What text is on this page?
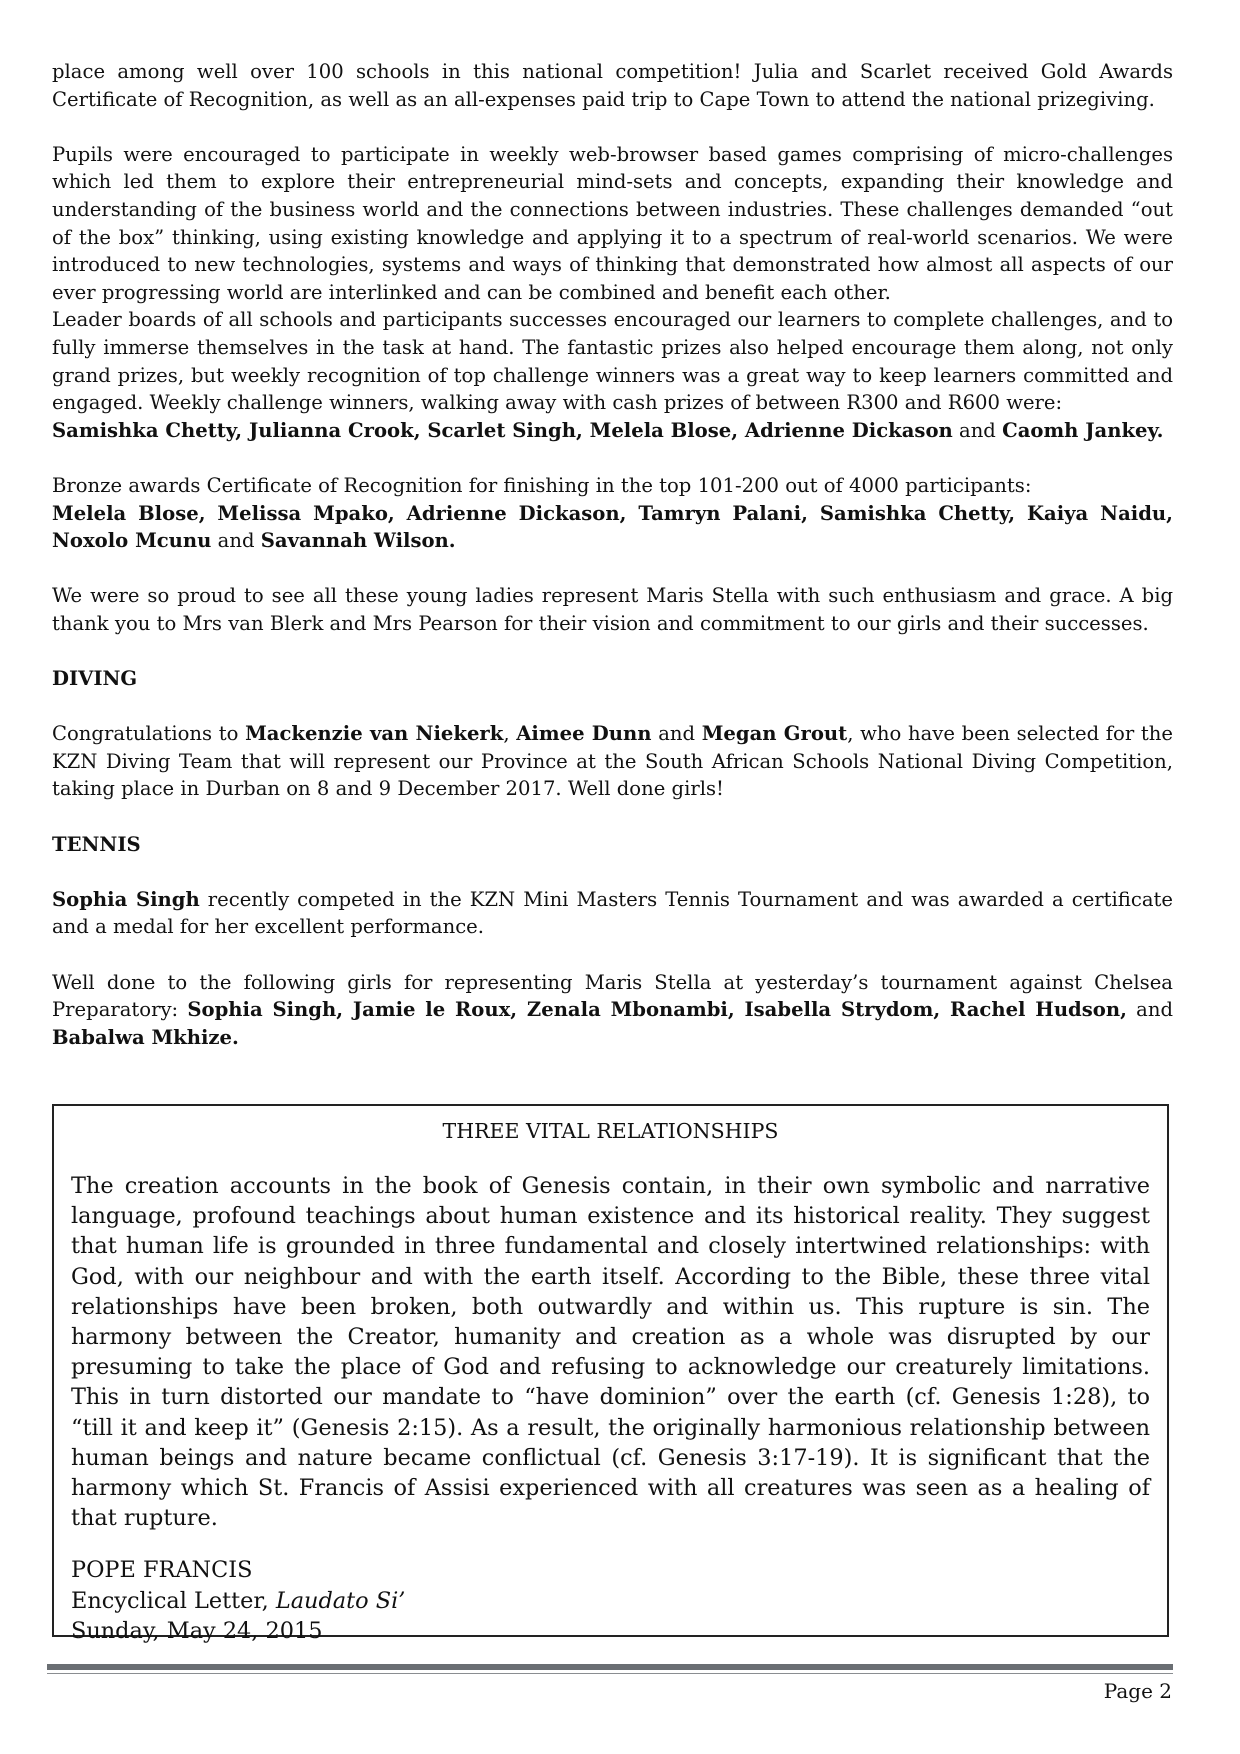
place among well over 100 schools in this national competition! Julia and Scarlet received Gold Awards Certificate of Recognition, as well as an all-expenses paid trip to Cape Town to attend the national prizegiving.

Pupils were encouraged to participate in weekly web-browser based games comprising of micro-challenges which led them to explore their entrepreneurial mind-sets and concepts, expanding their knowledge and understanding of the business world and the connections between industries. These challenges demanded “out of the box” thinking, using existing knowledge and applying it to a spectrum of real-world scenarios. We were introduced to new technologies, systems and ways of thinking that demonstrated how almost all aspects of our ever progressing world are interlinked and can be combined and benefit each other.

Leader boards of all schools and participants successes encouraged our learners to complete challenges, and to fully immerse themselves in the task at hand. The fantastic prizes also helped encourage them along, not only grand prizes, but weekly recognition of top challenge winners was a great way to keep learners committed and engaged. Weekly challenge winners, walking away with cash prizes of between R300 and R600 were:

Samishka Chetty, Julianna Crook, Scarlet Singh, Melela Blose, Adrienne Dickason and Caomh Jankey.

Bronze awards Certificate of Recognition for finishing in the top 101-200 out of 4000 participants:

Melela Blose, Melissa Mpako, Adrienne Dickason, Tamryn Palani, Samishka Chetty, Kaiya Naidu, Noxolo Mcunu and Savannah Wilson.

We were so proud to see all these young ladies represent Maris Stella with such enthusiasm and grace. A big thank you to Mrs van Blerk and Mrs Pearson for their vision and commitment to our girls and their successes.

DIVING

Congratulations to Mackenzie van Niekerk, Aimee Dunn and Megan Grout, who have been selected for the KZN Diving Team that will represent our Province at the South African Schools National Diving Competition, taking place in Durban on 8 and 9 December 2017. Well done girls!

TENNIS

Sophia Singh recently competed in the KZN Mini Masters Tennis Tournament and was awarded a certificate and a medal for her excellent performance.

Well done to the following girls for representing Maris Stella at yesterday’s tournament against Chelsea Preparatory: Sophia Singh, Jamie le Roux, Zenala Mbonambi, Isabella Strydom, Rachel Hudson, and Babalwa Mkhize.

THREE VITAL RELATIONSHIPS
The creation accounts in the book of Genesis contain, in their own symbolic and narrative language, profound teachings about human existence and its historical reality. They suggest that human life is grounded in three fundamental and closely intertwined relationships: with God, with our neighbour and with the earth itself. According to the Bible, these three vital relationships have been broken, both outwardly and within us. This rupture is sin. The harmony between the Creator, humanity and creation as a whole was disrupted by our presuming to take the place of God and refusing to acknowledge our creaturely limitations. This in turn distorted our mandate to “have dominion” over the earth (cf. Genesis 1:28), to “till it and keep it” (Genesis 2:15). As a result, the originally harmonious relationship between human beings and nature became conflictual (cf. Genesis 3:17-19). It is significant that the harmony which St. Francis of Assisi experienced with all creatures was seen as a healing of that rupture.
POPE FRANCIS
Encyclical Letter, Laudato Si’
Sunday, May 24, 2015
Page 2
